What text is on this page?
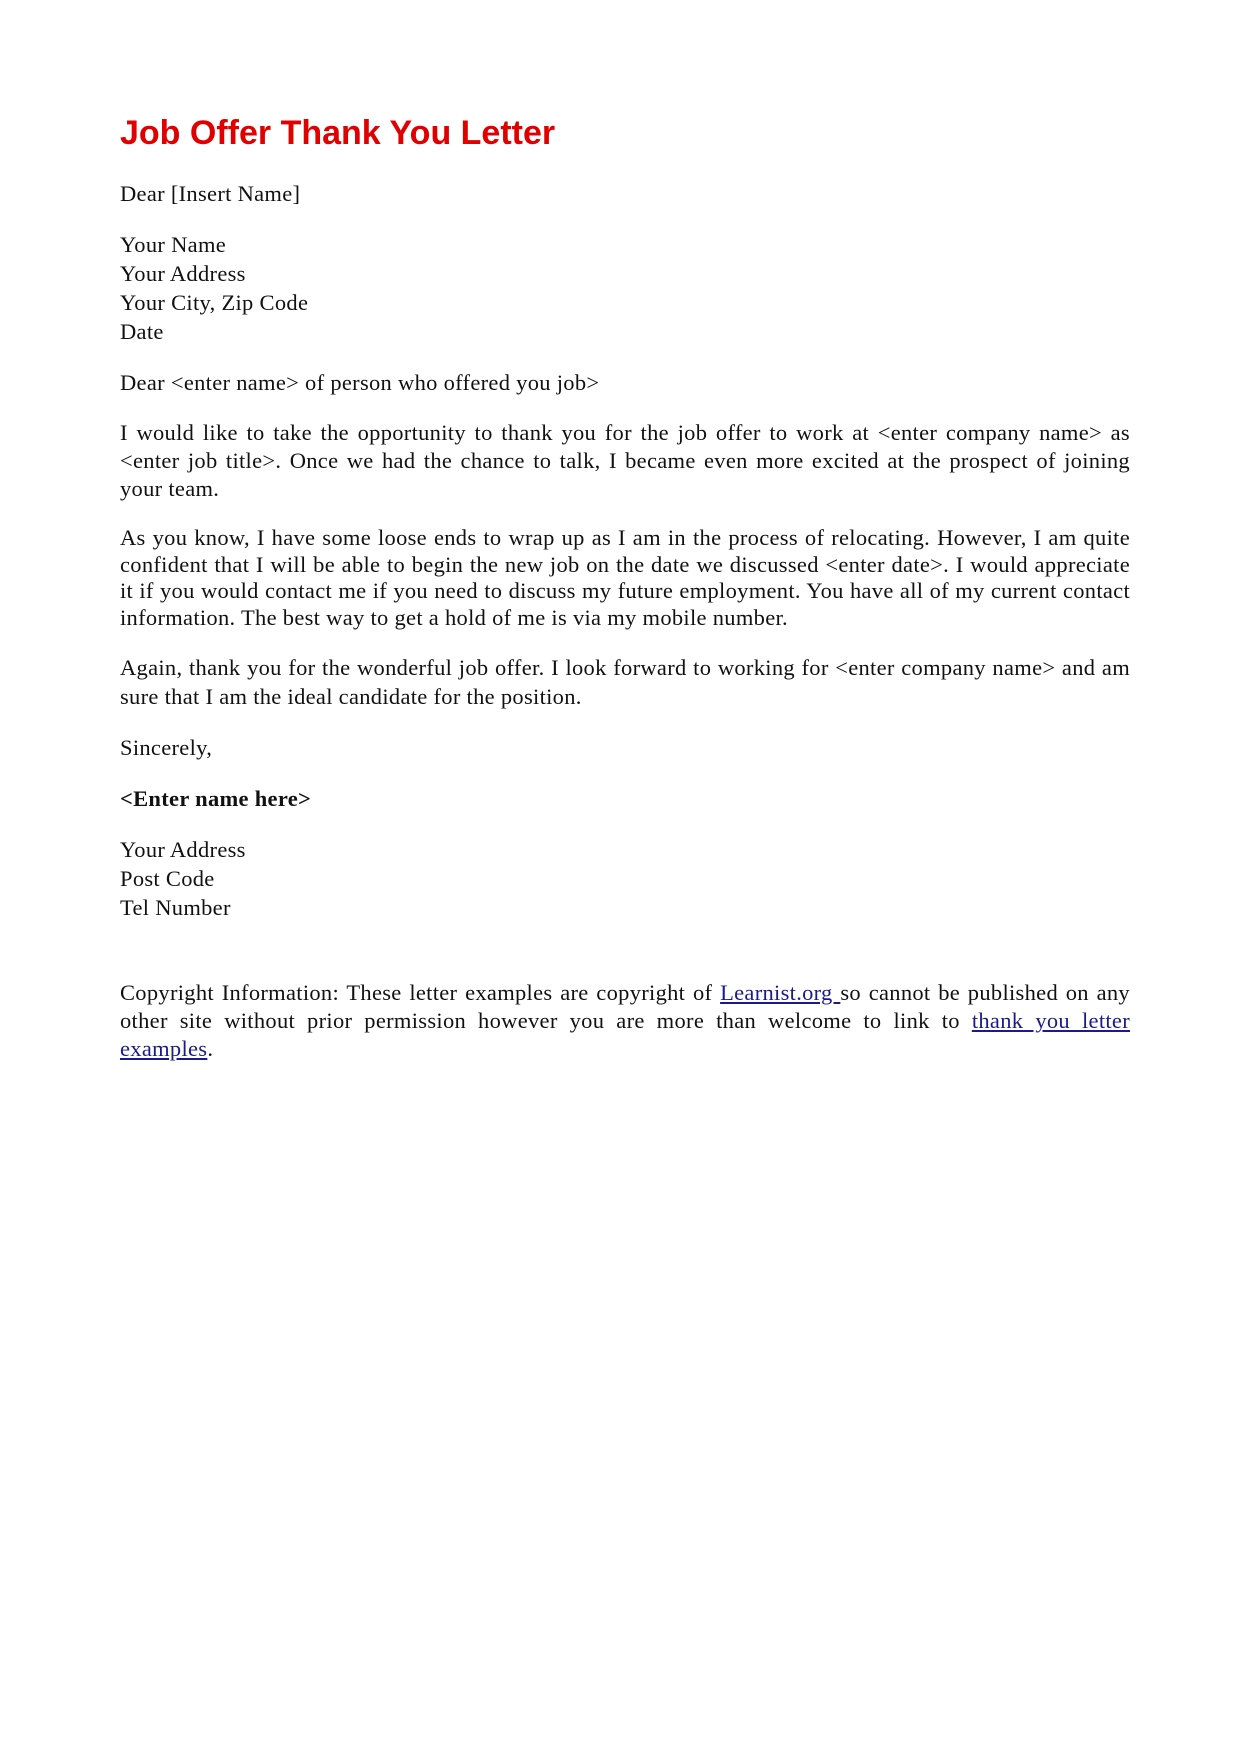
Job Offer Thank You Letter

Dear [Insert Name]

Your Name
Your Address
Your City, Zip Code
Date

Dear <enter name> of person who offered you job>

I would like to take the opportunity to thank you for the job offer to work at <enter company name> as <enter job title>. Once we had the chance to talk, I became even more excited at the prospect of joining your team.

As you know, I have some loose ends to wrap up as I am in the process of relocating. However, I am quite confident that I will be able to begin the new job on the date we discussed <enter date>. I would appreciate it if you would contact me if you need to discuss my future employment. You have all of my current contact information. The best way to get a hold of me is via my mobile number.

Again, thank you for the wonderful job offer. I look forward to working for <enter company name> and am sure that I am the ideal candidate for the position.

Sincerely,

<Enter name here>

Your Address
Post Code
Tel Number

Copyright Information: These letter examples are copyright of Learnist.org so cannot be published on any other site without prior permission however you are more than welcome to link to thank you letter examples.
